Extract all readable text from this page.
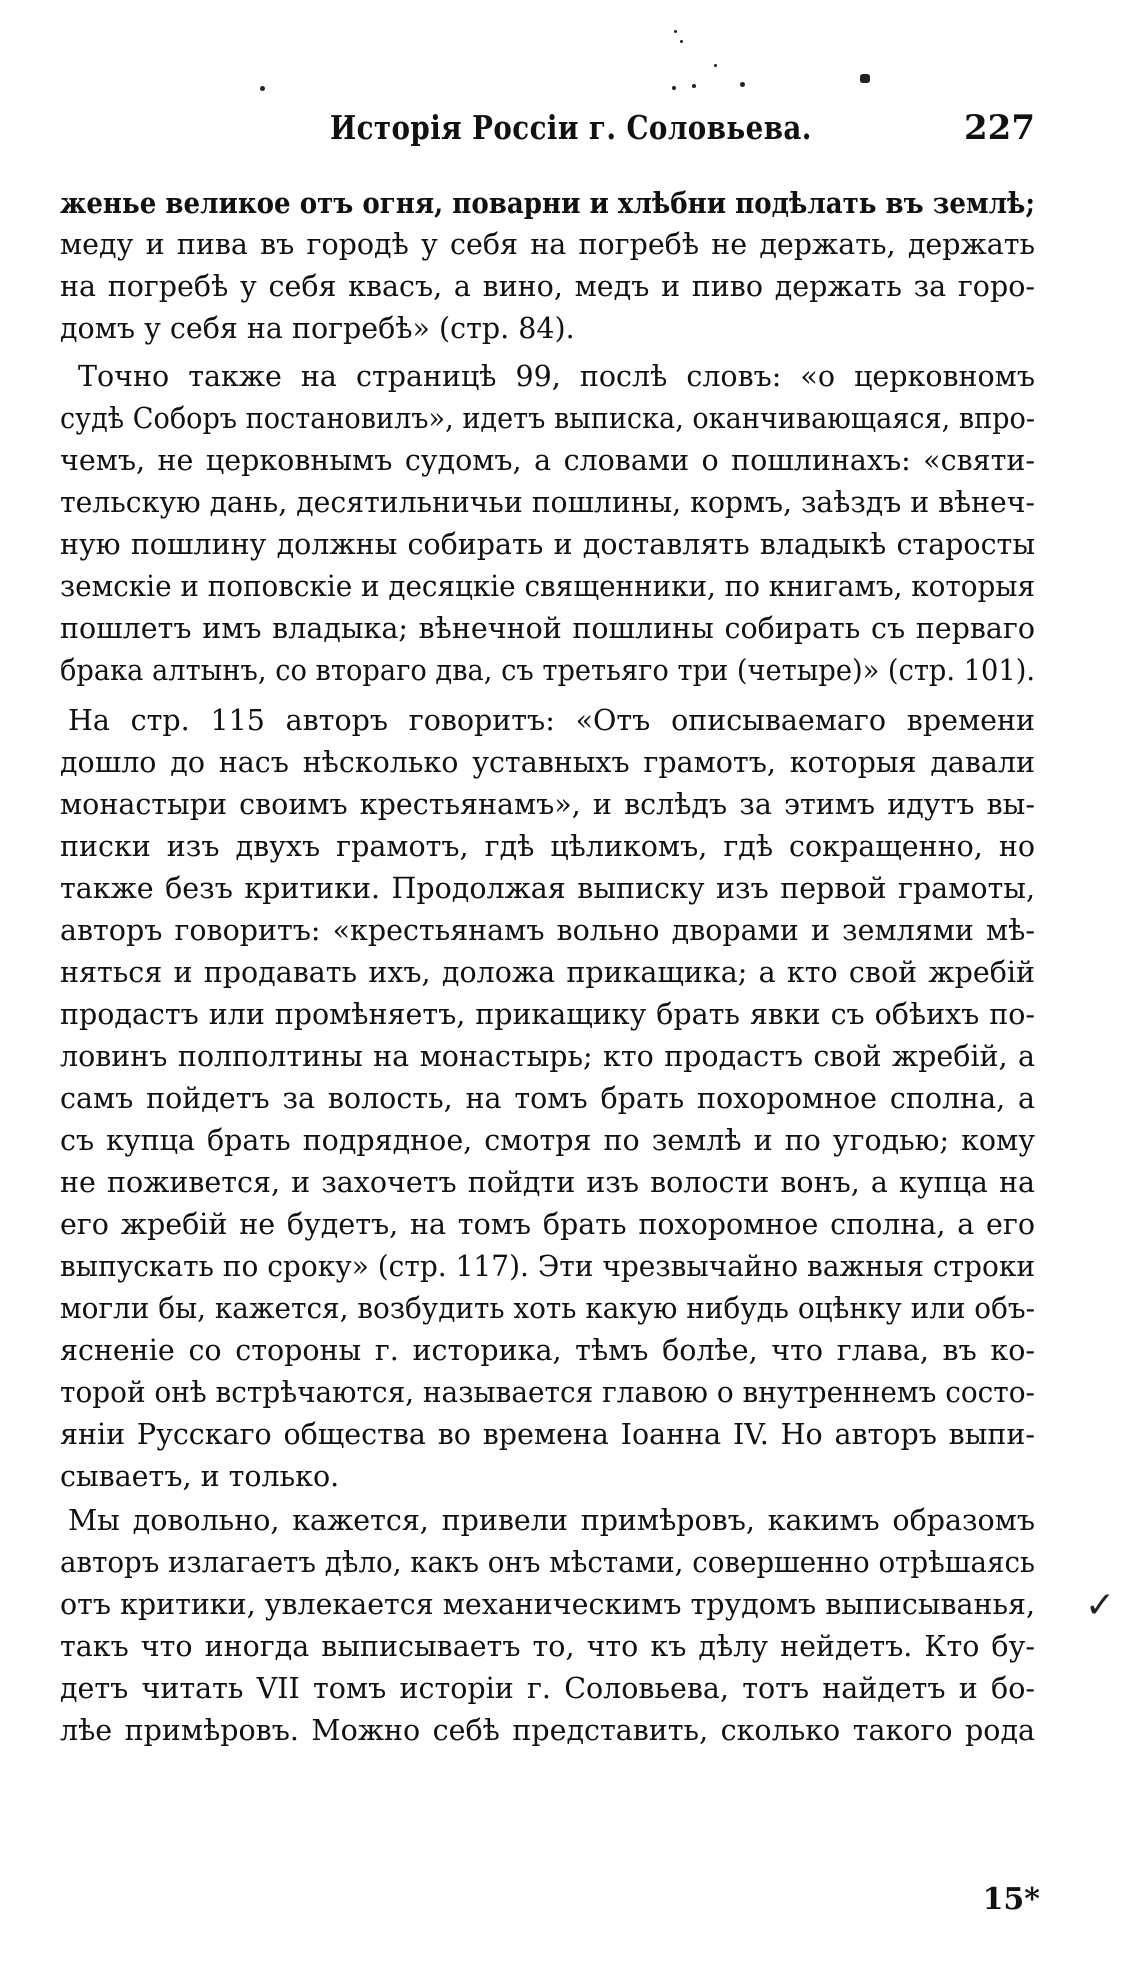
Исторія Россіи г. Соловьева.	227
женье великое отъ огня, поварни и хлѣбни подѣлать въ землѣ;
меду и пива въ городѣ у себя на погребѣ не держать, держать
на погребѣ у себя квасъ, а вино, медъ и пиво держать за горо-
домъ у себя на погребѣ» (стр. 84).
Точно также на страницѣ 99, послѣ словъ: «о церковномъ
судѣ Соборъ постановилъ», идетъ выписка, оканчивающаяся, впро-
чемъ, не церковнымъ судомъ, а словами о пошлинахъ: «святи-
тельскую дань, десятильничьи пошлины, кормъ, заѣздъ и вѣнеч-
ную пошлину должны собирать и доставлять владыкѣ старосты
земскіе и поповскіе и десяцкіе священники, по книгамъ, которыя
пошлетъ имъ владыка; вѣнечной пошлины собирать съ перваго
брака алтынъ, со втораго два, съ третьяго три (четыре)» (стр. 101).
На стр. 115 авторъ говоритъ: «Отъ описываемаго времени
дошло до насъ нѣсколько уставныхъ грамотъ, которыя давали
монастыри своимъ крестьянамъ», и вслѣдъ за этимъ идутъ вы-
писки изъ двухъ грамотъ, гдѣ цѣликомъ, гдѣ сокращенно, но
также безъ критики. Продолжая выписку изъ первой грамоты,
авторъ говоритъ: «крестьянамъ вольно дворами и землями мѣ-
няться и продавать ихъ, доложа прикащика; а кто свой жребій
продастъ или промѣняетъ, прикащику брать явки съ обѣихъ по-
ловинъ полполтины на монастырь; кто продастъ свой жребій, а
самъ пойдетъ за волость, на томъ брать похоромное сполна, а
съ купца брать подрядное, смотря по землѣ и по угодью; кому
не поживется, и захочетъ пойдти изъ волости вонъ, а купца на
его жребій не будетъ, на томъ брать похоромное сполна, а его
выпускать по сроку» (стр. 117). Эти чрезвычайно важныя строки
могли бы, кажется, возбудить хоть какую нибудь оцѣнку или объ-
ясненіе со стороны г. историка, тѣмъ болѣе, что глава, въ ко-
торой онѣ встрѣчаются, называется главою о внутреннемъ состо-
яніи Русскаго общества во времена Іоанна IV. Но авторъ выпи-
сываетъ, и только.
Мы довольно, кажется, привели примѣровъ, какимъ образомъ
авторъ излагаетъ дѣло, какъ онъ мѣстами, совершенно отрѣшаясь
отъ критики, увлекается механическимъ трудомъ выписыванья,
такъ что иногда выписываетъ то, что къ дѣлу нейдетъ. Кто бу-
детъ читать VII томъ исторіи г. Соловьева, тотъ найдетъ и бо-
лѣе примѣровъ. Можно себѣ представить, сколько такого рода
✓
15*
